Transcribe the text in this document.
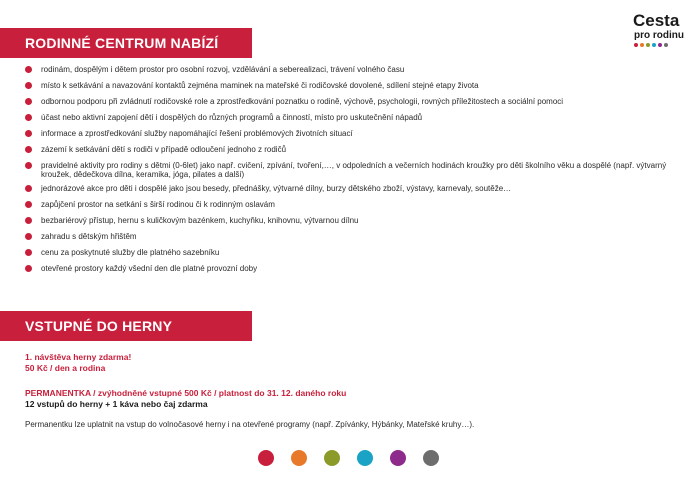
RODINNÉ CENTRUM NABÍZÍ
Cesta
pro rodinu
rodinám, dospělým i dětem prostor pro osobní rozvoj, vzdělávání a seberealizaci, trávení volného času
místo k setkávání a navazování kontaktů zejména maminek na mateřské či rodičovské dovolené, sdílení stejné etapy života
odbornou podporu při zvládnutí rodičovské role a zprostředkování poznatku o rodině, výchově, psychologii, rovných příležitostech a sociální pomoci
účast nebo aktivní zapojení dětí i dospělých do různých programů a činností, místo pro uskutečnění nápadů
informace a zprostředkování služby napomáhající řešení problémových životních situací
zázemí k setkávání dětí s rodiči v případě odloučení jednoho z rodičů
pravidelné aktivity pro rodiny s dětmi (0-6let) jako např. cvičení, zpívání, tvoření,…, v odpoledních a večerních hodinách kroužky pro děti školního věku a dospělé (např. výtvarný kroužek, dědečkova dílna, keramika, jóga, pilates a další)
jednorázové akce pro děti i dospělé jako jsou besedy, přednášky, výtvarné dílny, burzy dětského zboží, výstavy, karnevaly, soutěže…
zapůjčení prostor na setkání s širší rodinou či k rodinným oslavám
bezbariérový přístup, hernu s kuličkovým bazénkem, kuchyňku, knihovnu, výtvarnou dílnu
zahradu s dětským hřištěm
cenu za poskytnuté služby dle platného sazebníku
otevřené prostory každý všední den dle platné provozní doby
VSTUPNÉ DO HERNY
1. návštěva herny zdarma!
50 Kč / den a rodina
PERMANENTKA / zvýhodněné vstupné 500 Kč / platnost do 31. 12. daného roku
12 vstupů do herny + 1 káva nebo čaj zdarma
Permanentku lze uplatnit na vstup do volnočasové herny i na otevřené programy (např. Zpívánky, Hýbánky, Mateřské kruhy…).
